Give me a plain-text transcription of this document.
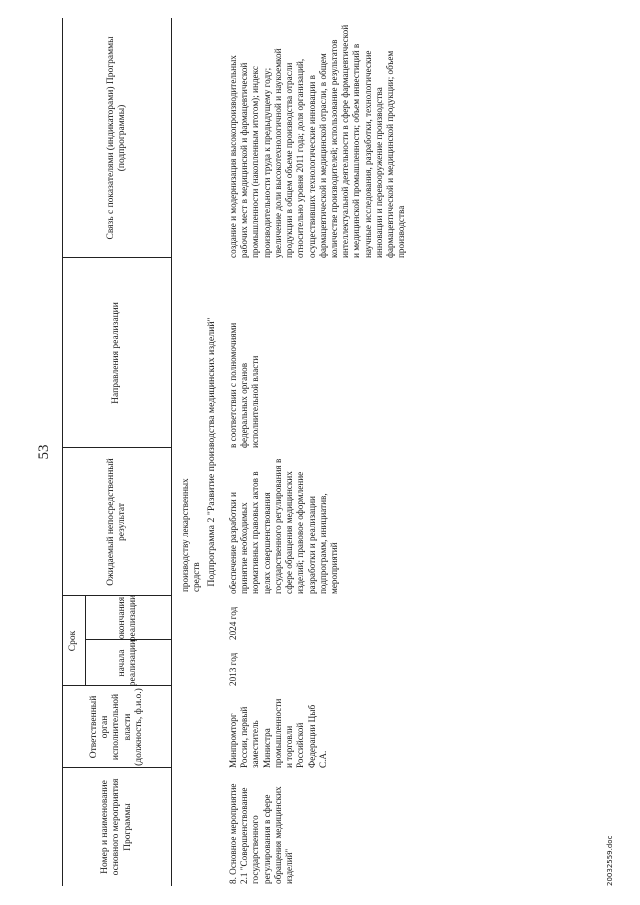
53
Номер и наименование основного мероприятия Программы
Ответственный орган исполнительной власти (должность, ф.и.о.)
Срок
начала реализации
окончания реализации
Ожидаемый непосредственный результат
Направления реализации
Связь с показателями (индикаторами) Программы (подпрограммы)
производству лекарственных средств Подпрограмма 2 "Развитие производства медицинских изделий"
8. Основное мероприятие 2.1 "Совершенствование государственного регулирования в сфере обращения медицинских изделий"
Минпромторг России, первый заместитель Министра промышленности и торговли Российской Федерации Цыб С.А.
2013 год
2024 год
обеспечение разработки и принятие необходимых нормативных правовых актов в целях совершенствования государственного регулирования в сфере обращения медицинских изделий; правовое оформление разработки и реализации подпрограмм, инициатив, мероприятий
в соответствии с полномочиями федеральных органов исполнительной власти
создание и модернизация высокопроизводительных рабочих мест в медицинской и фармацевтической промышленности (накопленным итогом); индекс производительности труда к предыдущему году; увеличение доли высокотехнологичной и наукоемкой продукции в общем объеме производства отрасли относительно уровня 2011 года; доля организаций, осуществивших технологические инновации в фармацевтической и медицинской отрасли, в общем количестве производителей; использование результатов интеллектуальной деятельности в сфере фармацевтической и медицинской промышленности; объем инвестиций в научные исследования, разработки, технологические инновации и перевооружение производства фармацевтической и медицинской продукции; объем производства
20032559.doc
